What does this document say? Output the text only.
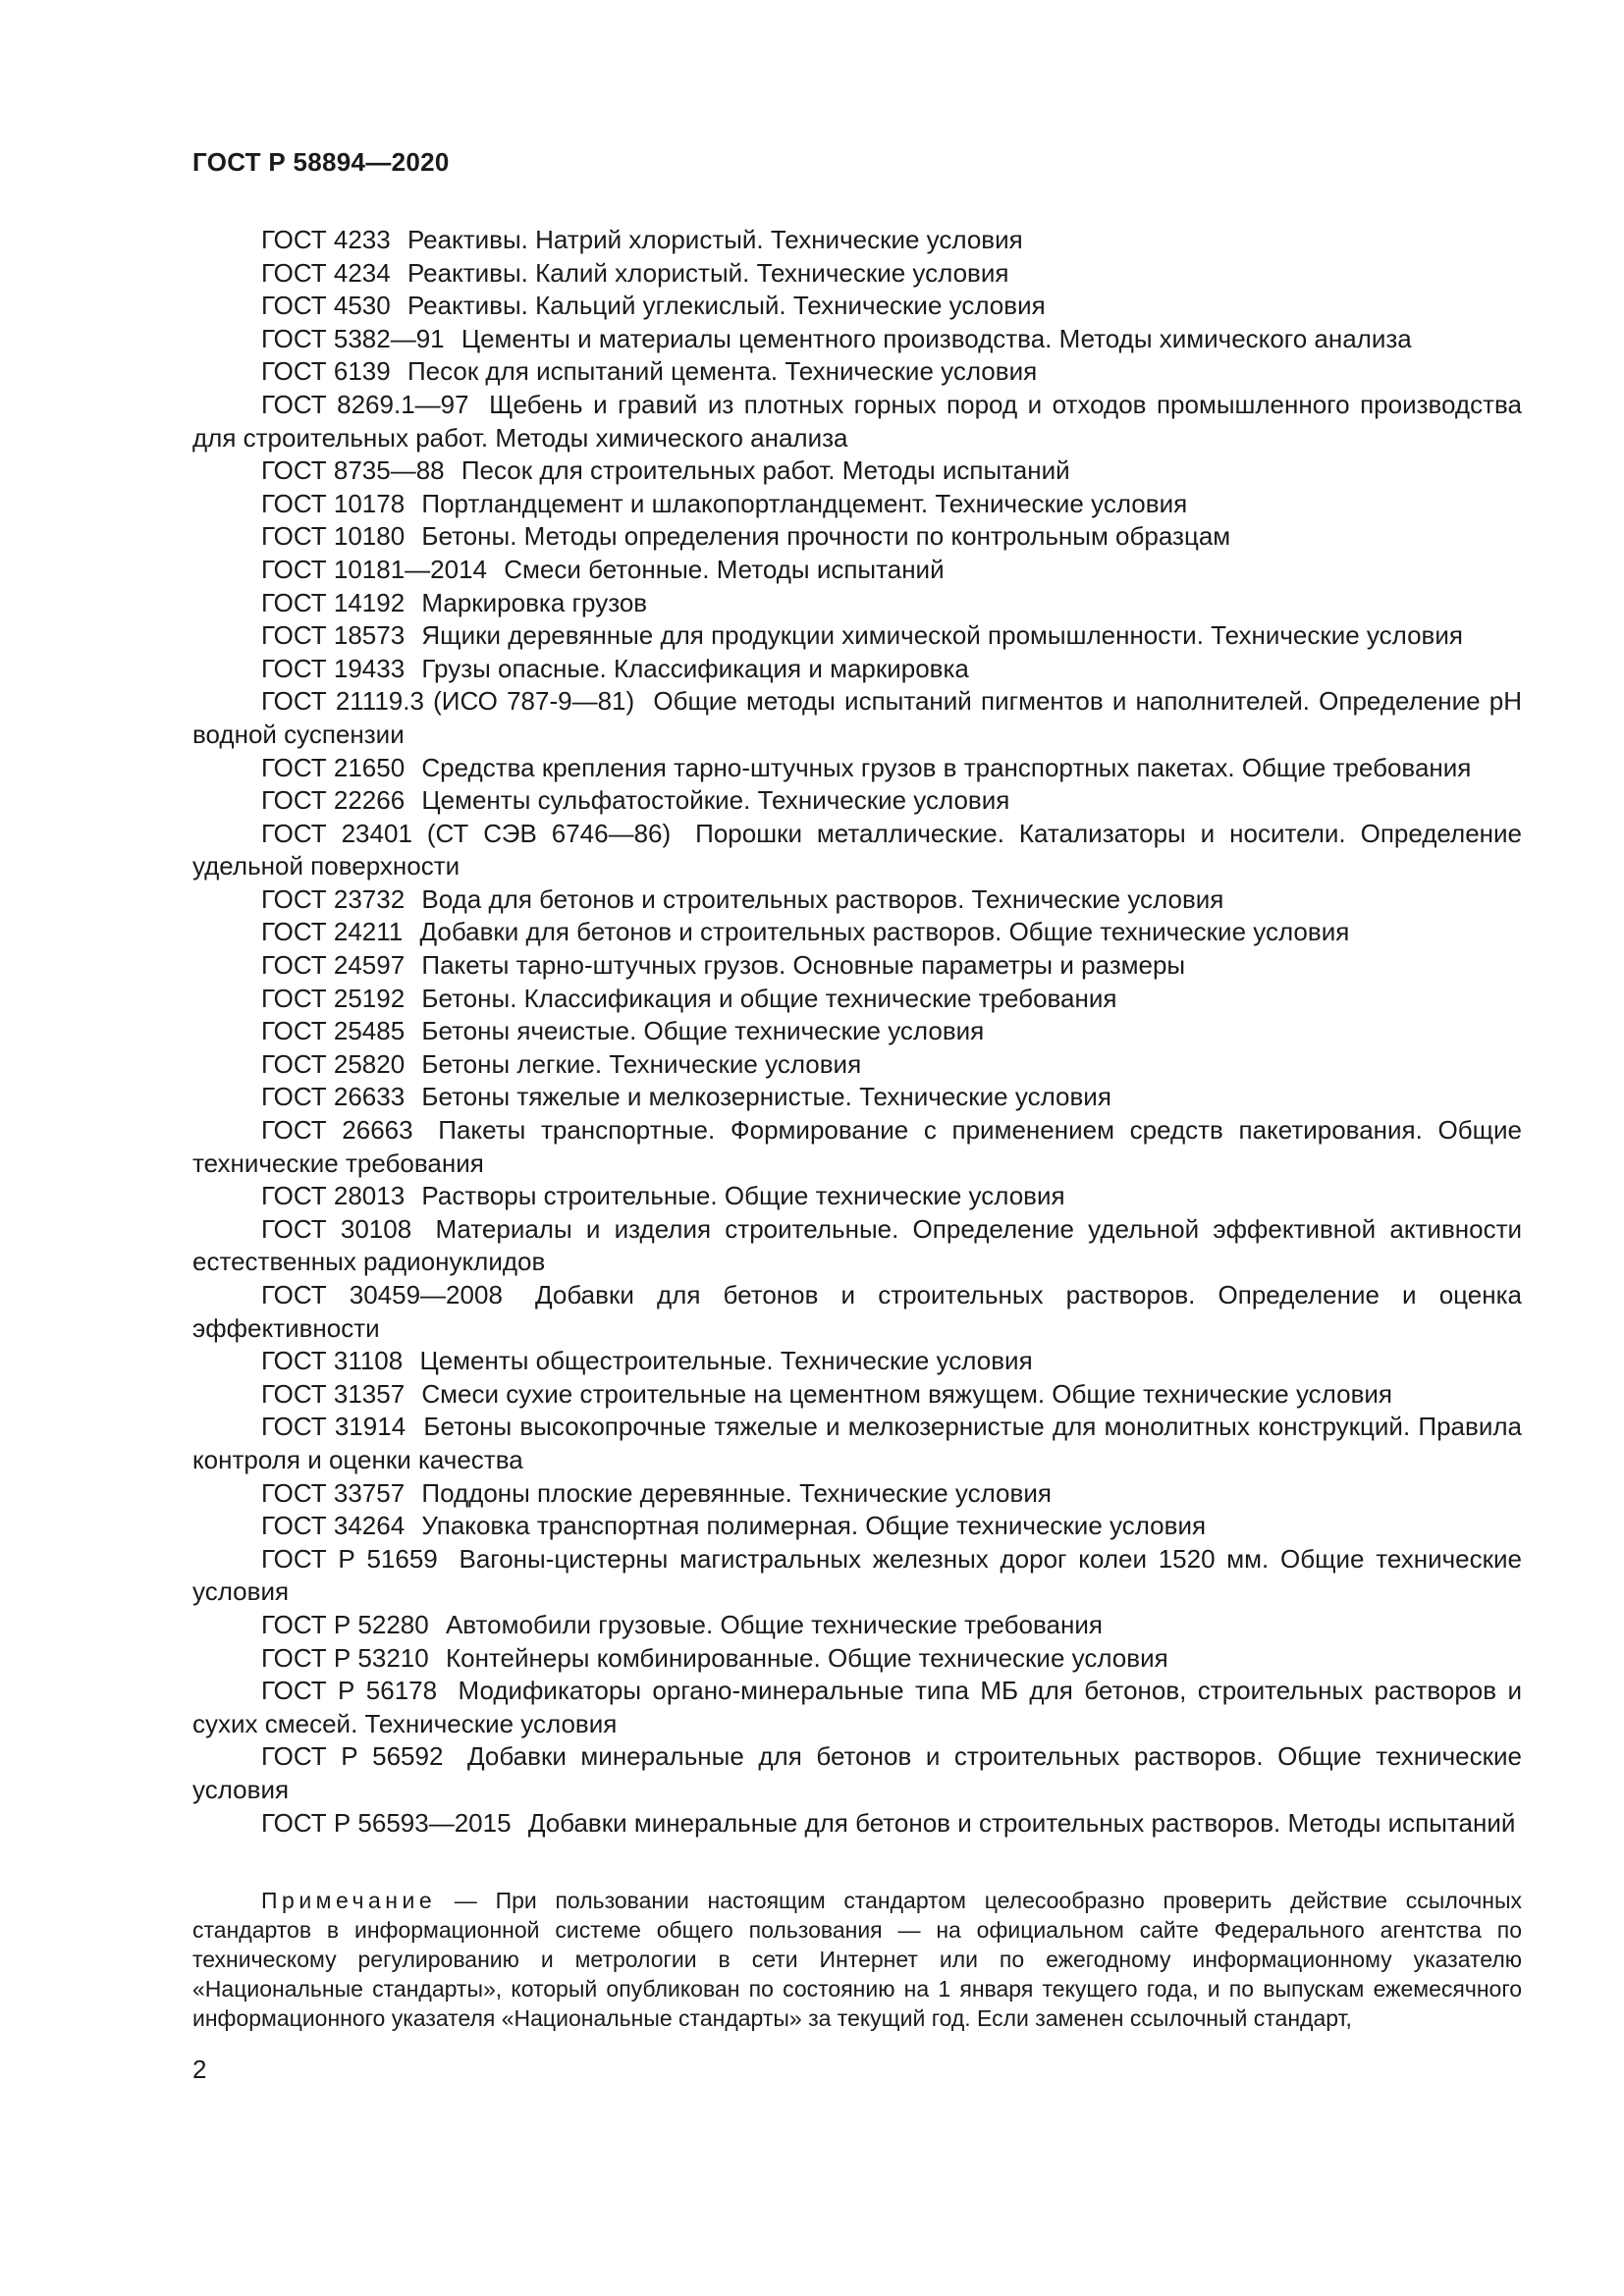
ГОСТ Р 58894—2020

ГОСТ 4233 Реактивы. Натрий хлористый. Технические условия

ГОСТ 4234 Реактивы. Калий хлористый. Технические условия

ГОСТ 4530 Реактивы. Кальций углекислый. Технические условия

ГОСТ 5382—91 Цементы и материалы цементного производства. Методы химического анализа

ГОСТ 6139 Песок для испытаний цемента. Технические условия

ГОСТ 8269.1—97 Щебень и гравий из плотных горных пород и отходов промышленного производства для строительных работ. Методы химического анализа

ГОСТ 8735—88 Песок для строительных работ. Методы испытаний

ГОСТ 10178 Портландцемент и шлакопортландцемент. Технические условия

ГОСТ 10180 Бетоны. Методы определения прочности по контрольным образцам

ГОСТ 10181—2014 Смеси бетонные. Методы испытаний

ГОСТ 14192 Маркировка грузов

ГОСТ 18573 Ящики деревянные для продукции химической промышленности. Технические условия

ГОСТ 19433 Грузы опасные. Классификация и маркировка

ГОСТ 21119.3 (ИСО 787-9—81) Общие методы испытаний пигментов и наполнителей. Определение pH водной суспензии

ГОСТ 21650 Средства крепления тарно-штучных грузов в транспортных пакетах. Общие требования

ГОСТ 22266 Цементы сульфатостойкие. Технические условия

ГОСТ 23401 (СТ СЭВ 6746—86) Порошки металлические. Катализаторы и носители. Определение удельной поверхности

ГОСТ 23732 Вода для бетонов и строительных растворов. Технические условия

ГОСТ 24211 Добавки для бетонов и строительных растворов. Общие технические условия

ГОСТ 24597 Пакеты тарно-штучных грузов. Основные параметры и размеры

ГОСТ 25192 Бетоны. Классификация и общие технические требования

ГОСТ 25485 Бетоны ячеистые. Общие технические условия

ГОСТ 25820 Бетоны легкие. Технические условия

ГОСТ 26633 Бетоны тяжелые и мелкозернистые. Технические условия

ГОСТ 26663 Пакеты транспортные. Формирование с применением средств пакетирования. Общие технические требования

ГОСТ 28013 Растворы строительные. Общие технические условия

ГОСТ 30108 Материалы и изделия строительные. Определение удельной эффективной активности естественных радионуклидов

ГОСТ 30459—2008 Добавки для бетонов и строительных растворов. Определение и оценка эффективности

ГОСТ 31108 Цементы общестроительные. Технические условия

ГОСТ 31357 Смеси сухие строительные на цементном вяжущем. Общие технические условия

ГОСТ 31914 Бетоны высокопрочные тяжелые и мелкозернистые для монолитных конструкций. Правила контроля и оценки качества

ГОСТ 33757 Поддоны плоские деревянные. Технические условия

ГОСТ 34264 Упаковка транспортная полимерная. Общие технические условия

ГОСТ Р 51659 Вагоны-цистерны магистральных железных дорог колеи 1520 мм. Общие технические условия

ГОСТ Р 52280 Автомобили грузовые. Общие технические требования

ГОСТ Р 53210 Контейнеры комбинированные. Общие технические условия

ГОСТ Р 56178 Модификаторы органо-минеральные типа МБ для бетонов, строительных растворов и сухих смесей. Технические условия

ГОСТ Р 56592 Добавки минеральные для бетонов и строительных растворов. Общие технические условия

ГОСТ Р 56593—2015 Добавки минеральные для бетонов и строительных растворов. Методы испытаний

Примечание — При пользовании настоящим стандартом целесообразно проверить действие ссылочных стандартов в информационной системе общего пользования — на официальном сайте Федерального агентства по техническому регулированию и метрологии в сети Интернет или по ежегодному информационному указателю «Национальные стандарты», который опубликован по состоянию на 1 января текущего года, и по выпускам ежемесячного информационного указателя «Национальные стандарты» за текущий год. Если заменен ссылочный стандарт,

2
